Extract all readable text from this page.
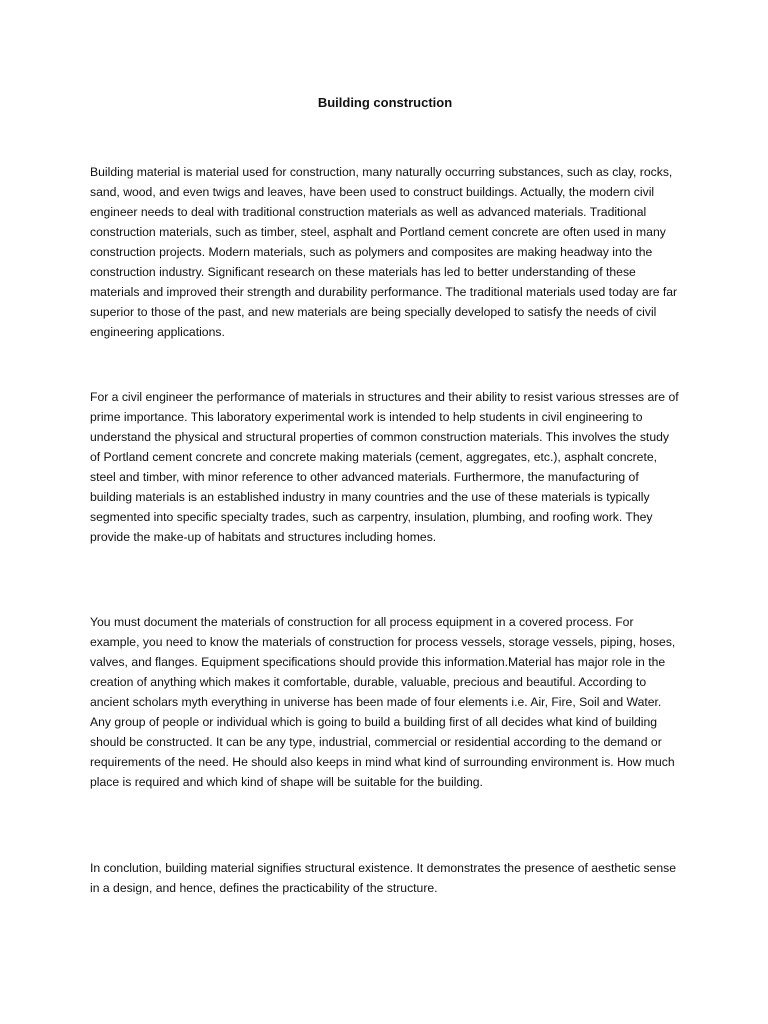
Building construction

Building material is material used for construction, many naturally occurring substances, such as clay, rocks, sand, wood, and even twigs and leaves, have been used to construct buildings. Actually, the modern civil engineer needs to deal with traditional construction materials as well as advanced materials. Traditional construction materials, such as timber, steel, asphalt and Portland cement concrete are often used in many construction projects. Modern materials, such as polymers and composites are making headway into the construction industry. Significant research on these materials has led to better understanding of these materials and improved their strength and durability performance. The traditional materials used today are far superior to those of the past, and new materials are being specially developed to satisfy the needs of civil engineering applications.

For a civil engineer the performance of materials in structures and their ability to resist various stresses are of prime importance. This laboratory experimental work is intended to help students in civil engineering to understand the physical and structural properties of common construction materials. This involves the study of Portland cement concrete and concrete making materials (cement, aggregates, etc.), asphalt concrete, steel and timber, with minor reference to other advanced materials. Furthermore, the manufacturing of building materials is an established industry in many countries and the use of these materials is typically segmented into specific specialty trades, such as carpentry, insulation, plumbing, and roofing work. They provide the make-up of habitats and structures including homes.

You must document the materials of construction for all process equipment in a covered process. For example, you need to know the materials of construction for process vessels, storage vessels, piping, hoses, valves, and flanges. Equipment specifications should provide this information.Material has major role in the creation of anything which makes it comfortable, durable, valuable, precious and beautiful. According to ancient scholars myth everything in universe has been made of four elements i.e. Air, Fire, Soil and Water. Any group of people or individual which is going to build a building first of all decides what kind of building should be constructed. It can be any type, industrial, commercial or residential according to the demand or requirements of the need. He should also keeps in mind what kind of surrounding environment is. How much place is required and which kind of shape will be suitable for the building.

In conclution, building material signifies structural existence. It demonstrates the presence of aesthetic sense in a design, and hence, defines the practicability of the structure.
